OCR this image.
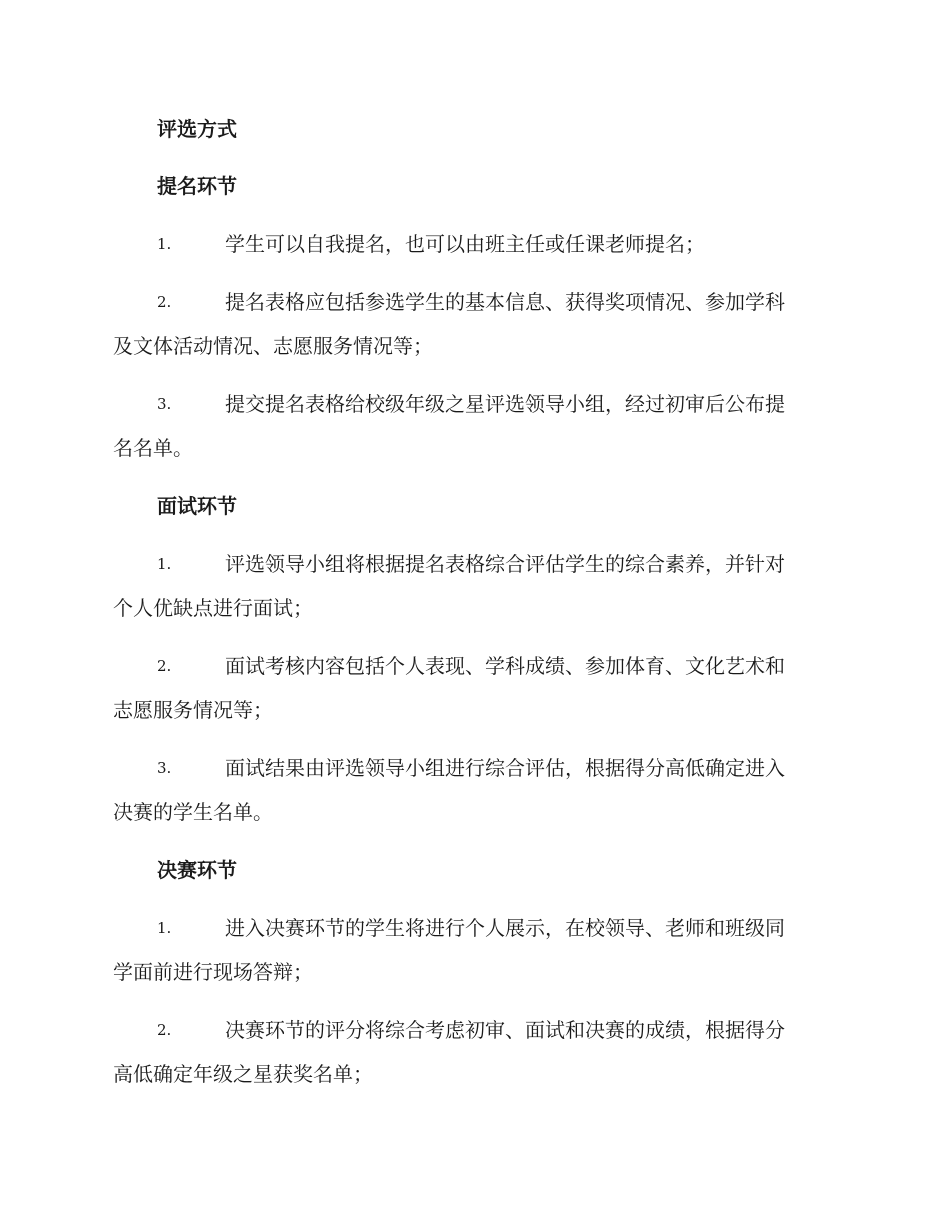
评选方式
提名环节
1.	学生可以自我提名，也可以由班主任或任课老师提名；
2.	提名表格应包括参选学生的基本信息、获得奖项情况、参加学科
及文体活动情况、志愿服务情况等；
3.	提交提名表格给校级年级之星评选领导小组，经过初审后公布提
名名单。
面试环节
1.	评选领导小组将根据提名表格综合评估学生的综合素养，并针对
个人优缺点进行面试；
2.	面试考核内容包括个人表现、学科成绩、参加体育、文化艺术和
志愿服务情况等；
3.	面试结果由评选领导小组进行综合评估，根据得分高低确定进入
决赛的学生名单。
决赛环节
1.	进入决赛环节的学生将进行个人展示，在校领导、老师和班级同
学面前进行现场答辩；
2.	决赛环节的评分将综合考虑初审、面试和决赛的成绩，根据得分
高低确定年级之星获奖名单；
